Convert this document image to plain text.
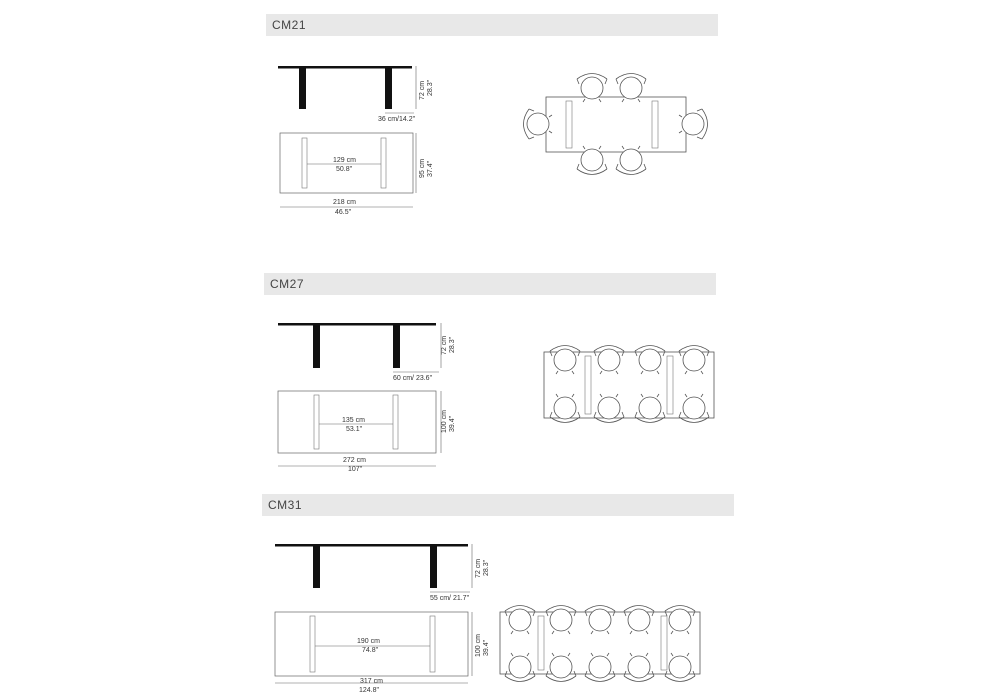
CM21
CM27
CM31
72 cm 28.3"
36 cm/14.2"
129 cm
50.8"	95 cm 37.4"
218 cm
46.5"
72 cm 28.3"
60 cm/ 23.6"
135 cm
53.1"	100 cm 39.4"
272 cm
107"
72 cm 28.3"
55 cm/ 21.7"
190 cm
74.8"	100 cm 39.4"
317 cm
124.8"
